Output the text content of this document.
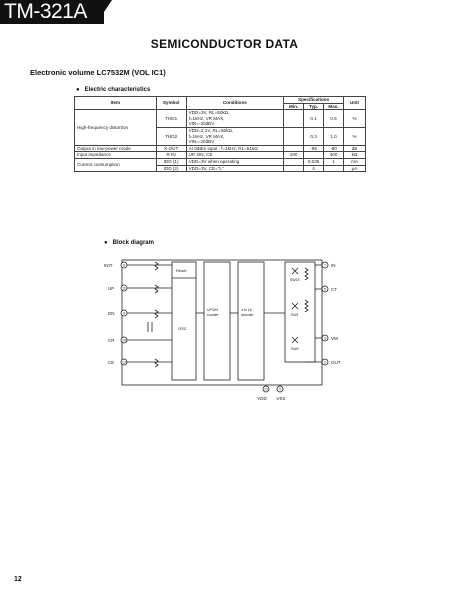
TM-321A
SEMICONDUCTOR DATA
Electronic volume LC7532M (VOL IC1)
● Electric characteristics
Item	Symbol	Conditions	Specifications			Unit
			Min.	Typ.	Max.	
High-frequency distortion	THD1	VDD=3V, RL=50kΩ,
f=1kHz, VR MAX,
VIN=-20dBV		0.1	0.5	%
	THD2	VDD=2.1V, RL=50kΩ,
f=1kHz, VR MAX,
VIN=-20dBV		0.3	1.0	%
Output in low-power mode	X-OUT	At 0dBm input : f=1kHz, RL=51kΩ		-95	-80	dB
Input impedance	R IN	UP, DN, CE	100		400	kΩ
Current consumption	IDD (1)	VDD=3V when operating		0.035	1	mA
	IDD (2)	VDD=3V, CE="L"		4		μA
● Block diagram
INIT	6
UP 11
DN 9
CR 10
CE 13
IN
7
CT
5
VM
3
OUT
2
12	1
VDD VSS
Reset
OSC
UP/DN
counter
4 to 16
decoder
SW15
SW1
SW0
12
